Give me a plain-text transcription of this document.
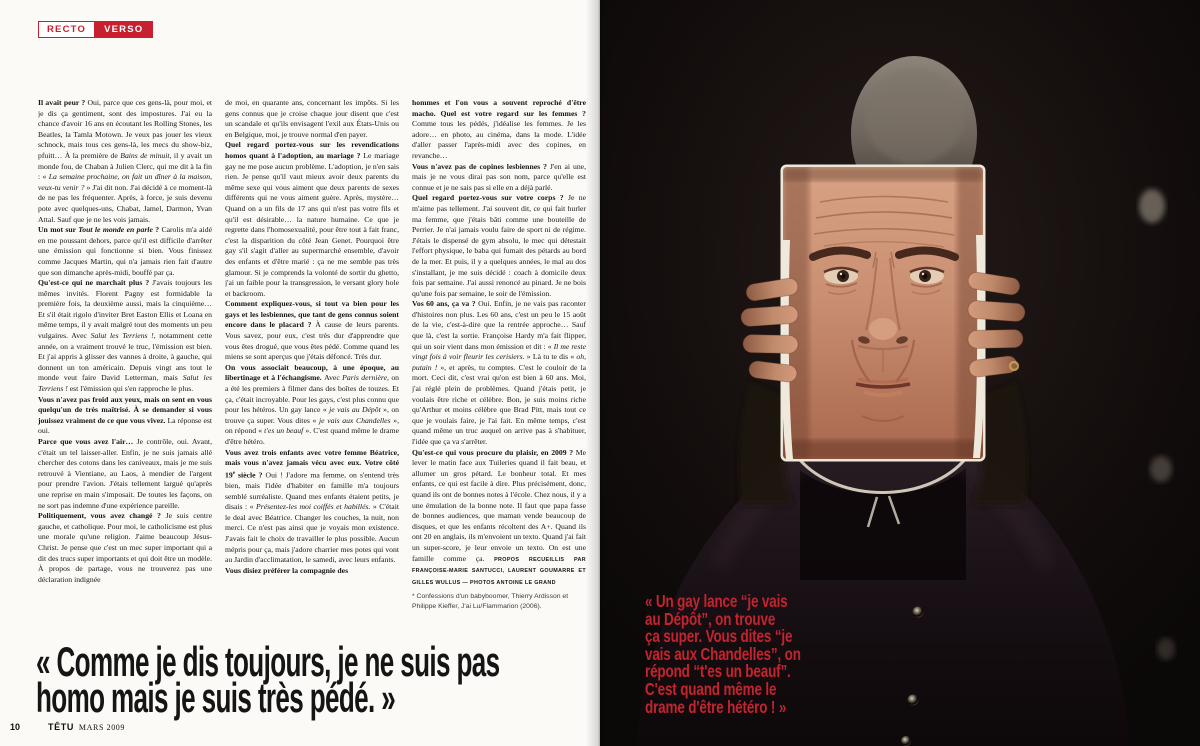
RECTO	VERSO

Il avait peur ? Oui, parce que ces gens-là, pour moi, et je dis ça gentiment, sont des impostures. J'ai eu la chance d'avoir 16 ans en écoutant les Rolling Stones, les Beatles, la Tamla Motown. Je veux pas jouer les vieux schnock, mais tous ces gens-là, les mecs du show-biz, pfuitt… À la première de Bains de minuit, il y avait un monde fou, de Chaban à Julien Clerc, qui me dit à la fin : « La semaine prochaine, on fait un dîner à la maison, veux-tu venir ? » J'ai dit non. J'ai décidé à ce moment-là de ne pas les fréquenter. Après, à force, je suis devenu pote avec quelques-uns, Chabat, Jamel, Darmon, Yvan Attal. Sauf que je ne les vois jamais.

Un mot sur Tout le monde en parle ? Carolis m'a aidé en me poussant dehors, parce qu'il est difficile d'arrêter une émission qui fonctionne si bien. Vous finissez comme Jacques Martin, qui n'a jamais rien fait d'autre que son dimanche après-midi, bouffé par ça.

Qu'est-ce qui ne marchait plus ? J'avais toujours les mêmes invités. Florent Pagny est formidable la première fois, la deuxième aussi, mais la cinquième… Et s'il était rigolo d'inviter Bret Easton Ellis et Loana en même temps, il y avait malgré tout des moments un peu vulgaires. Avec Salut les Terriens !, notamment cette année, on a vraiment trouvé le truc, l'émission est bien. Et j'ai appris à glisser des vannes à droite, à gauche, qui donnent un ton américain. Depuis vingt ans tout le monde veut faire David Letterman, mais Salut les Terriens ! est l'émission qui s'en rapproche le plus.

Vous n'avez pas froid aux yeux, mais on sent en vous quelqu'un de très maîtrisé. À se demander si vous jouissez vraiment de ce que vous vivez. La réponse est oui.

Parce que vous avez l'air… Je contrôle, oui. Avant, c'était un tel laisser-aller. Enfin, je ne suis jamais allé chercher des cotons dans les caniveaux, mais je me suis retrouvé à Vientiane, au Laos, à mendier de l'argent pour prendre l'avion. J'étais tellement largué qu'après une reprise en main s'imposait. De toutes les façons, on ne sort pas indemne d'une expérience pareille.

Politiquement, vous avez changé ? Je suis centre gauche, et catholique. Pour moi, le catholicisme est plus une morale qu'une religion. J'aime beaucoup Jésus-Christ. Je pense que c'est un mec super important qui a dit des trucs super importants et qui doit être un modèle. À propos de partage, vous ne trouverez pas une déclaration indignée

de moi, en quarante ans, concernant les impôts. Si les gens connus que je croise chaque jour disent que c'est un scandale et qu'ils envisagent l'exil aux États-Unis ou en Belgique, moi, je trouve normal d'en payer.

Quel regard portez-vous sur les revendications homos quant à l'adoption, au mariage ? Le mariage gay ne me pose aucun problème. L'adoption, je n'en sais rien. Je pense qu'il vaut mieux avoir deux parents du même sexe qui vous aiment que deux parents de sexes différents qui ne vous aiment guère. Après, mystère… Quand on a un fils de 17 ans qui n'est pas votre fils et qu'il est désirable… la nature humaine. Ce que je regrette dans l'homosexualité, pour être tout à fait franc, c'est la disparition du côté Jean Genet. Pourquoi être gay s'il s'agit d'aller au supermarché ensemble, d'avoir des enfants et d'être marié : ça ne me semble pas très glamour. Si je comprends la volonté de sortir du ghetto, j'ai un faible pour la transgression, le versant glory hole et backroom.

Comment expliquez-vous, si tout va bien pour les gays et les lesbiennes, que tant de gens connus soient encore dans le placard ? À cause de leurs parents. Vous savez, pour eux, c'est très dur d'apprendre que vous êtes drogué, que vous êtes pédé. Comme quand les miens se sont aperçus que j'étais défoncé. Très dur.

On vous associait beaucoup, à une époque, au libertinage et à l'échangisme. Avec Paris dernière, on a été les premiers à filmer dans des boîtes de touzes. Et ça, c'était incroyable. Pour les gays, c'est plus connu que pour les hétéros. Un gay lance « je vais au Dépôt », on trouve ça super. Vous dites « je vais aux Chandelles », on répond « t'es un beauf ». C'est quand même le drame d'être hétéro.

Vous avez trois enfants avec votre femme Béatrice, mais vous n'avez jamais vécu avec eux. Votre côté 19e siècle ? Oui ! J'adore ma femme, on s'entend très bien, mais l'idée d'habiter en famille m'a toujours semblé surréaliste. Quand mes enfants étaient petits, je disais : « Présentez-les moi coiffés et habillés. » C'était le deal avec Béatrice. Changer les couches, la nuit, non merci. Ce n'est pas ainsi que je voyais mon existence. J'avais fait le choix de travailler le plus possible. Aucun mépris pour ça, mais j'adore charrier mes potes qui vont au Jardin d'acclimatation, le samedi, avec leurs enfants.

Vous disiez préférer la compagnie des

hommes et l'on vous a souvent reproché d'être macho. Quel est votre regard sur les femmes ? Comme tous les pédés, j'idéalise les femmes. Je les adore… en photo, au cinéma, dans la mode. L'idée d'aller passer l'après-midi avec des copines, en revanche…

Vous n'avez pas de copines lesbiennes ? J'en ai une, mais je ne vous dirai pas son nom, parce qu'elle est connue et je ne sais pas si elle en a déjà parlé.

Quel regard portez-vous sur votre corps ? Je ne m'aime pas tellement. J'ai souvent dit, ce qui fait hurler ma femme, que j'étais bâti comme une bouteille de Perrier. Je n'ai jamais voulu faire de sport ni de régime. J'étais le dispensé de gym absolu, le mec qui détestait l'effort physique, le baba qui fumait des pétards au bord de la mer. Et puis, il y a quelques années, le mal au dos s'installant, je me suis décidé : coach à domicile deux fois par semaine. J'ai aussi renoncé au pinard. Je ne bois qu'une fois par semaine, le soir de l'émission.

Vos 60 ans, ça va ? Oui. Enfin, je ne vais pas raconter d'histoires non plus. Les 60 ans, c'est un peu le 15 août de la vie, c'est-à-dire que la rentrée approche… Sauf que là, c'est la sortie. Françoise Hardy m'a fait flipper, qui un soir vient dans mon émission et dit : « Il me reste vingt fois à voir fleurir les cerisiers. » Là tu te dis « oh, putain ! », et après, tu comptes. C'est le couloir de la mort. Ceci dit, c'est vrai qu'on est bien à 60 ans. Moi, j'ai réglé plein de problèmes. Quand j'étais petit, je voulais être riche et célèbre. Bon, je suis moins riche qu'Arthur et moins célèbre que Brad Pitt, mais tout ce que je voulais faire, je l'ai fait. En même temps, c'est quand même un truc auquel on arrive pas à s'habituer, l'idée que ça va s'arrêter.

Qu'est-ce qui vous procure du plaisir, en 2009 ? Me lever le matin face aux Tuileries quand il fait beau, et allumer un gros pétard. Le bonheur total. Et mes enfants, ce qui est facile à dire. Plus précisément, donc, quand ils ont de bonnes notes à l'école. Chez nous, il y a une émulation de la bonne note. Il faut que papa fasse de bonnes audiences, que maman vende beaucoup de disques, et que les enfants récoltent des A+. Quand ils ont 20 en anglais, ils m'envoient un texto. Quand j'ai fait un super-score, je leur envoie un texto. On est une famille comme ça. PROPOS RECUEILLIS PAR FRANÇOISE-MARIE SANTUCCI, LAURENT GOUMARRE ET GILLES WULLUS — PHOTOS ANTOINE LE GRAND

* Confessions d'un babyboomer, Thierry Ardisson et Philippe Kieffer, J'ai Lu/Flammarion (2006).

« Comme je dis toujours, je ne suis pas
homo mais je suis très pédé. »
10	TÊTU MARS 2009
« Un gay lance “je vais
au Dépôt”, on trouve
ça super. Vous dites “je
vais aux Chandelles”, on
répond “t'es un beauf”.
C'est quand même le
drame d'être hétéro ! »
